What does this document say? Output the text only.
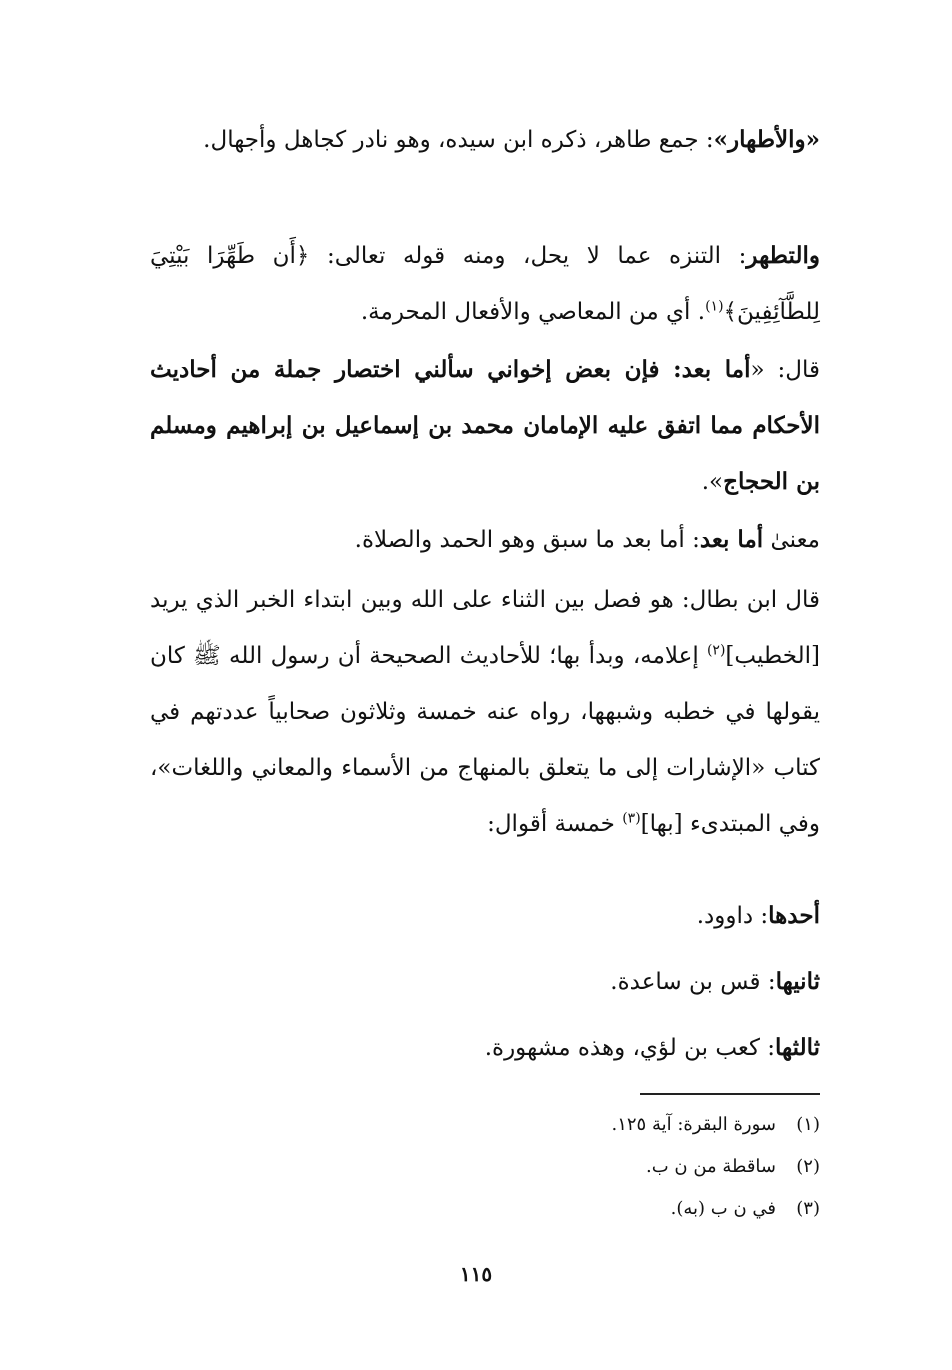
«والأطهار»: جمع طاهر، ذكره ابن سيده، وهو نادر كجاهل وأجهال.
والتطهر: التنزه عما لا يحل، ومنه قوله تعالى: ﴿أَن طَهِّرَا بَيْتِيَ لِلطَّآئِفِينَ﴾$^{(١)}$. أي من المعاصي والأفعال المحرمة.
قال: «أما بعد: فإن بعض إخواني سألني اختصار جملة من أحاديث الأحكام مما اتفق عليه الإمامان محمد بن إسماعيل بن إبراهيم ومسلم بن الحجاج».
معنىٰ أما بعد: أما بعد ما سبق وهو الحمد والصلاة.
قال ابن بطال: هو فصل بين الثناء على الله وبين ابتداء الخبر الذي يريد [الخطيب]$^{(٢)}$ إعلامه، وبدأ بها؛ للأحاديث الصحيحة أن رسول الله ﷺ كان يقولها في خطبه وشبهها، رواه عنه خمسة وثلاثون صحابياً عددتهم في كتاب «الإشارات إلى ما يتعلق بالمنهاج من الأسماء والمعاني واللغات»، وفي المبتدىء [بها]$^{(٣)}$ خمسة أقوال:
أحدها: داوود.
ثانيها: قس بن ساعدة.
ثالثها: كعب بن لؤي، وهذه مشهورة.
(١)سورة البقرة: آية ١٢٥.
(٢)ساقطة من ن ب.
(٣)في ن ب (به).
١١٥
